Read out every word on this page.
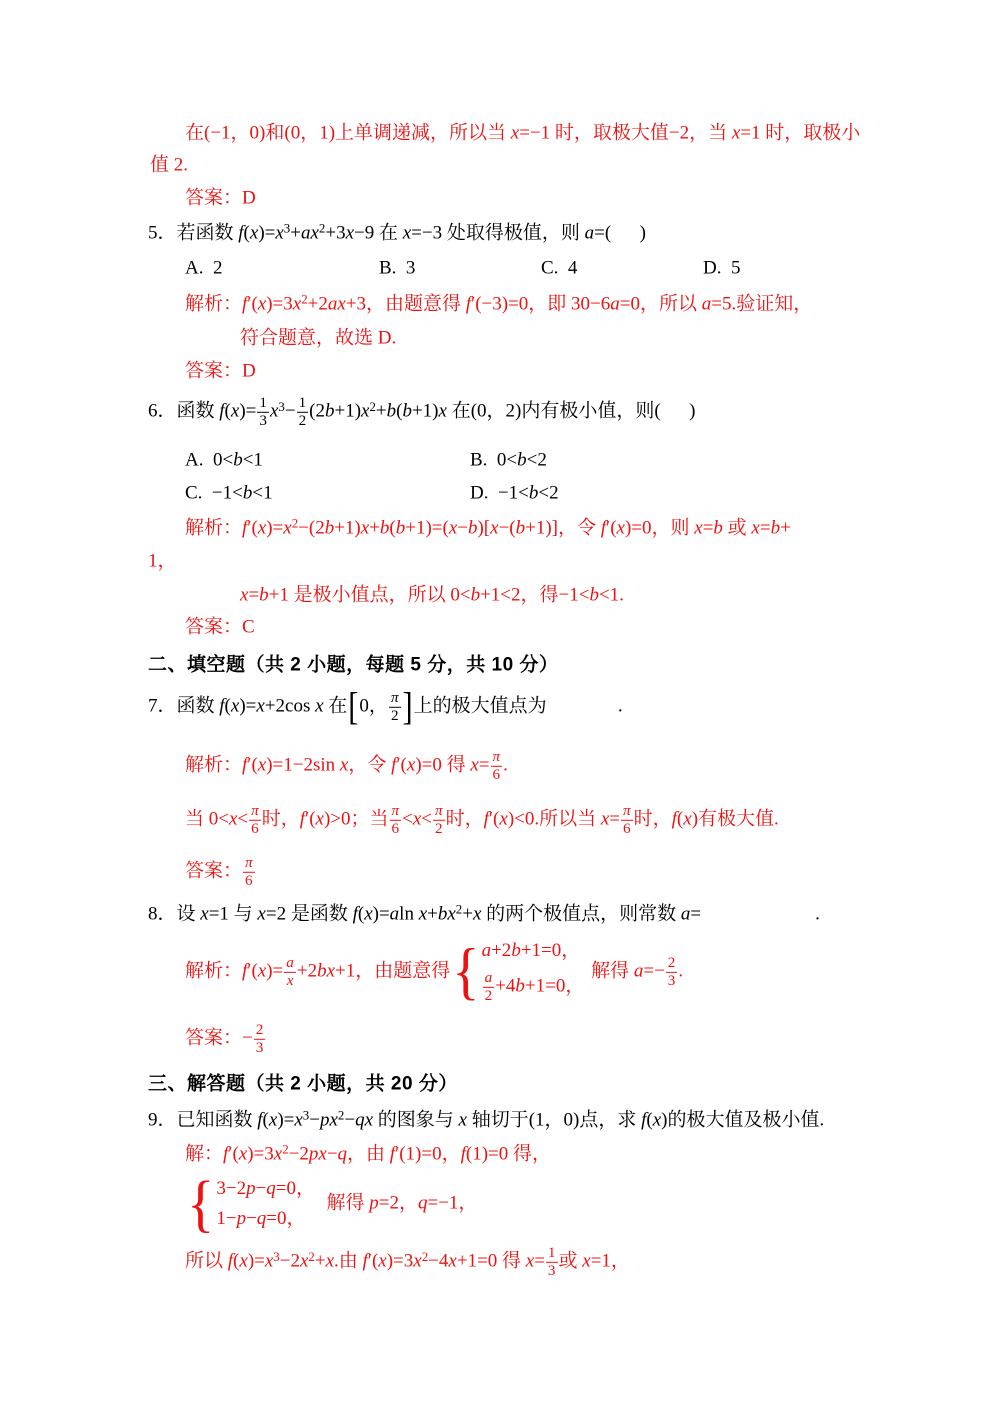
在(−1，0)和(0，1)上单调递减，所以当 x=−1 时，取极大值−2，当 x=1 时，取极小
值 2.
答案：D
5．若函数 $f(x)=x^3+ax^2+3x-9$ 在 x=−3 处取得极值，则 a=(      )
A.  2	B.  3	C.  4	D.  5
解析：$f'(x)=3x^2+2ax+3$，由题意得 f′(−3)=0，即 30−6a=0，所以 a=5.验证知，
符合题意，故选 D.
答案：D
6．函数 $f(x)= \frac{1}{3} x^3- \frac{1}{2} (2b+1)x^2+b(b+1)x$ 在(0，2)内有极小值，则(      )
A.  0<b<1	B.  0<b<2
C.  −1<b<1	D.  −1<b<2
解析：$f'(x)=x^2-(2b+1)x+b(b+1)=(x-b)[x-(b+1)]$，令 f′(x)=0，则 x=b 或 x=b+
1，
x=b+1 是极小值点，所以 0<b+1<2，得−1<b<1.
答案：C
二、填空题（共 2 小题，每题 5 分，共 10 分）
7．函数 f(x)=x+2cos x 在[0， $\frac{\pi}{2}$ ]上的极大值点为               .
解析：f′(x)=1−2sin x，令 f′(x)=0 得 $x= \frac{\pi}{6}$ .
当 $0<x< \frac{\pi}{6}$ 时，f′(x)>0；当 $\frac{\pi}{6} <x< \frac{\pi}{2}$ 时，f′(x)<0.所以当 $x= \frac{\pi}{6}$ 时，f(x)有极大值.
答案： $\frac{\pi}{6}$
8．设 x=1 与 x=2 是函数 f(x)=aln $x+bx^2+x$ 的两个极值点，则常数 a=                        .
解析：$f'(x)= \frac{a}{x} +2bx+1$，由题意得 { a+2b+1=0，
$\frac{a}{2} +4b+1=0$，
解得 $a=- \frac{2}{3}$ .
答案：− $\frac{2}{3}$
三、解答题（共 2 小题，共 20 分）
9．已知函数 $f(x)=x^3-px^2-qx$ 的图象与 x 轴切于(1，0)点，求 f(x)的极大值及极小值.
解：$f'(x)=3x^2-2px-q$，由 f′(1)=0，f(1)=0 得，
{ 3−2p−q=0，
1−p−q=0，
解得 p=2，q=−1，
所以 $f(x)=x^3-2x^2+x$.由 $f'(x)=3x^2-4x+1=0$ 得 $x= \frac{1}{3}$ 或 x=1，
